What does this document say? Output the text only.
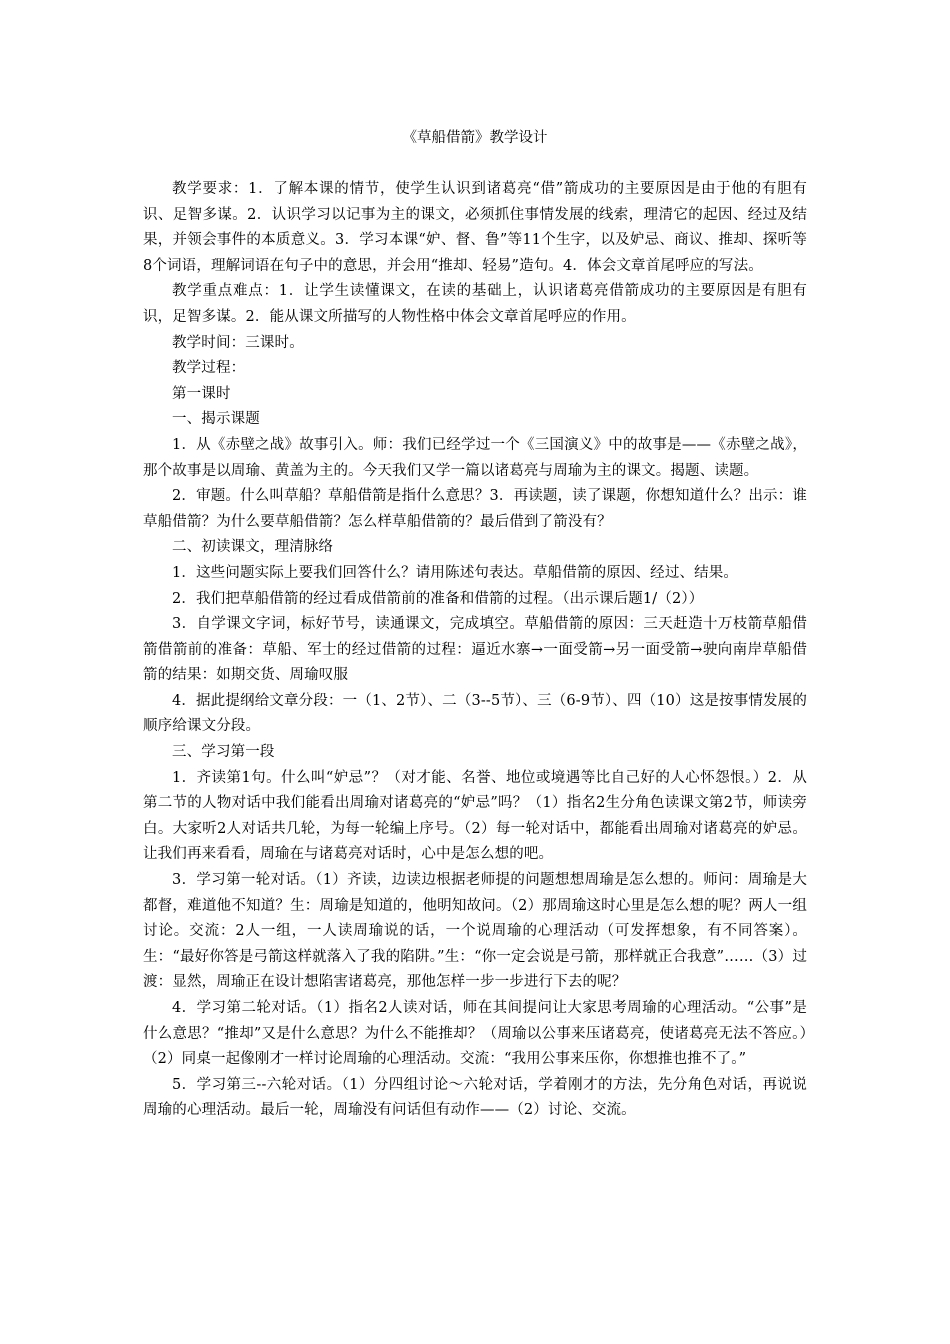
《草船借箭》教学设计

教学要求：1．了解本课的情节，使学生认识到诸葛亮“借”箭成功的主要原因是由于他的有胆有识、足智多谋。2．认识学习以记事为主的课文，必须抓住事情发展的线索，理清它的起因、经过及结果，并领会事件的本质意义。3．学习本课“妒、督、鲁”等11个生字，以及妒忌、商议、推却、探听等8个词语，理解词语在句子中的意思，并会用“推却、轻易”造句。4．体会文章首尾呼应的写法。

教学重点难点：1．让学生读懂课文，在读的基础上，认识诸葛亮借箭成功的主要原因是有胆有识，足智多谋。2．能从课文所描写的人物性格中体会文章首尾呼应的作用。

教学时间：三课时。

教学过程：

第一课时

一、揭示课题

1．从《赤壁之战》故事引入。师：我们已经学过一个《三国演义》中的故事是——《赤壁之战》，那个故事是以周瑜、黄盖为主的。今天我们又学一篇以诸葛亮与周瑜为主的课文。揭题、读题。

2．审题。什么叫草船？草船借箭是指什么意思？3．再读题，读了课题，你想知道什么？出示：谁草船借箭？为什么要草船借箭？怎么样草船借箭的？最后借到了箭没有？

二、初读课文，理清脉络

1．这些问题实际上要我们回答什么？请用陈述句表达。草船借箭的原因、经过、结果。

2．我们把草船借箭的经过看成借箭前的准备和借箭的过程。（出示课后题1/（2））

3．自学课文字词，标好节号，读通课文，完成填空。草船借箭的原因：三天赶造十万枝箭草船借箭借箭前的准备：草船、军士的经过借箭的过程：逼近水寨→一面受箭→另一面受箭→驶向南岸草船借箭的结果：如期交货、周瑜叹服

4．据此提纲给文章分段：一（1、2节）、二（3--5节）、三（6-9节）、四（10）这是按事情发展的顺序给课文分段。

三、学习第一段

1．齐读第1句。什么叫“妒忌”？（对才能、名誉、地位或境遇等比自己好的人心怀怨恨。）2．从第二节的人物对话中我们能看出周瑜对诸葛亮的“妒忌”吗？（1）指名2生分角色读课文第2节，师读旁白。大家听2人对话共几轮，为每一轮编上序号。（2）每一轮对话中，都能看出周瑜对诸葛亮的妒忌。让我们再来看看，周瑜在与诸葛亮对话时，心中是怎么想的吧。

3．学习第一轮对话。（1）齐读，边读边根据老师提的问题想想周瑜是怎么想的。师问：周瑜是大都督，难道他不知道？生：周瑜是知道的，他明知故问。（2）那周瑜这时心里是怎么想的呢？两人一组讨论。交流：2人一组，一人读周瑜说的话，一个说周瑜的心理活动（可发挥想象，有不同答案）。生：“最好你答是弓箭这样就落入了我的陷阱。”生：“你一定会说是弓箭，那样就正合我意”……（3）过渡：显然，周瑜正在设计想陷害诸葛亮，那他怎样一步一步进行下去的呢？

4．学习第二轮对话。（1）指名2人读对话，师在其间提问让大家思考周瑜的心理活动。“公事”是什么意思？“推却”又是什么意思？为什么不能推却？（周瑜以公事来压诸葛亮，使诸葛亮无法不答应。）（2）同桌一起像刚才一样讨论周瑜的心理活动。交流：“我用公事来压你，你想推也推不了。”

5．学习第三--六轮对话。（1）分四组讨论～六轮对话，学着刚才的方法，先分角色对话，再说说周瑜的心理活动。最后一轮，周瑜没有问话但有动作——（2）讨论、交流。
